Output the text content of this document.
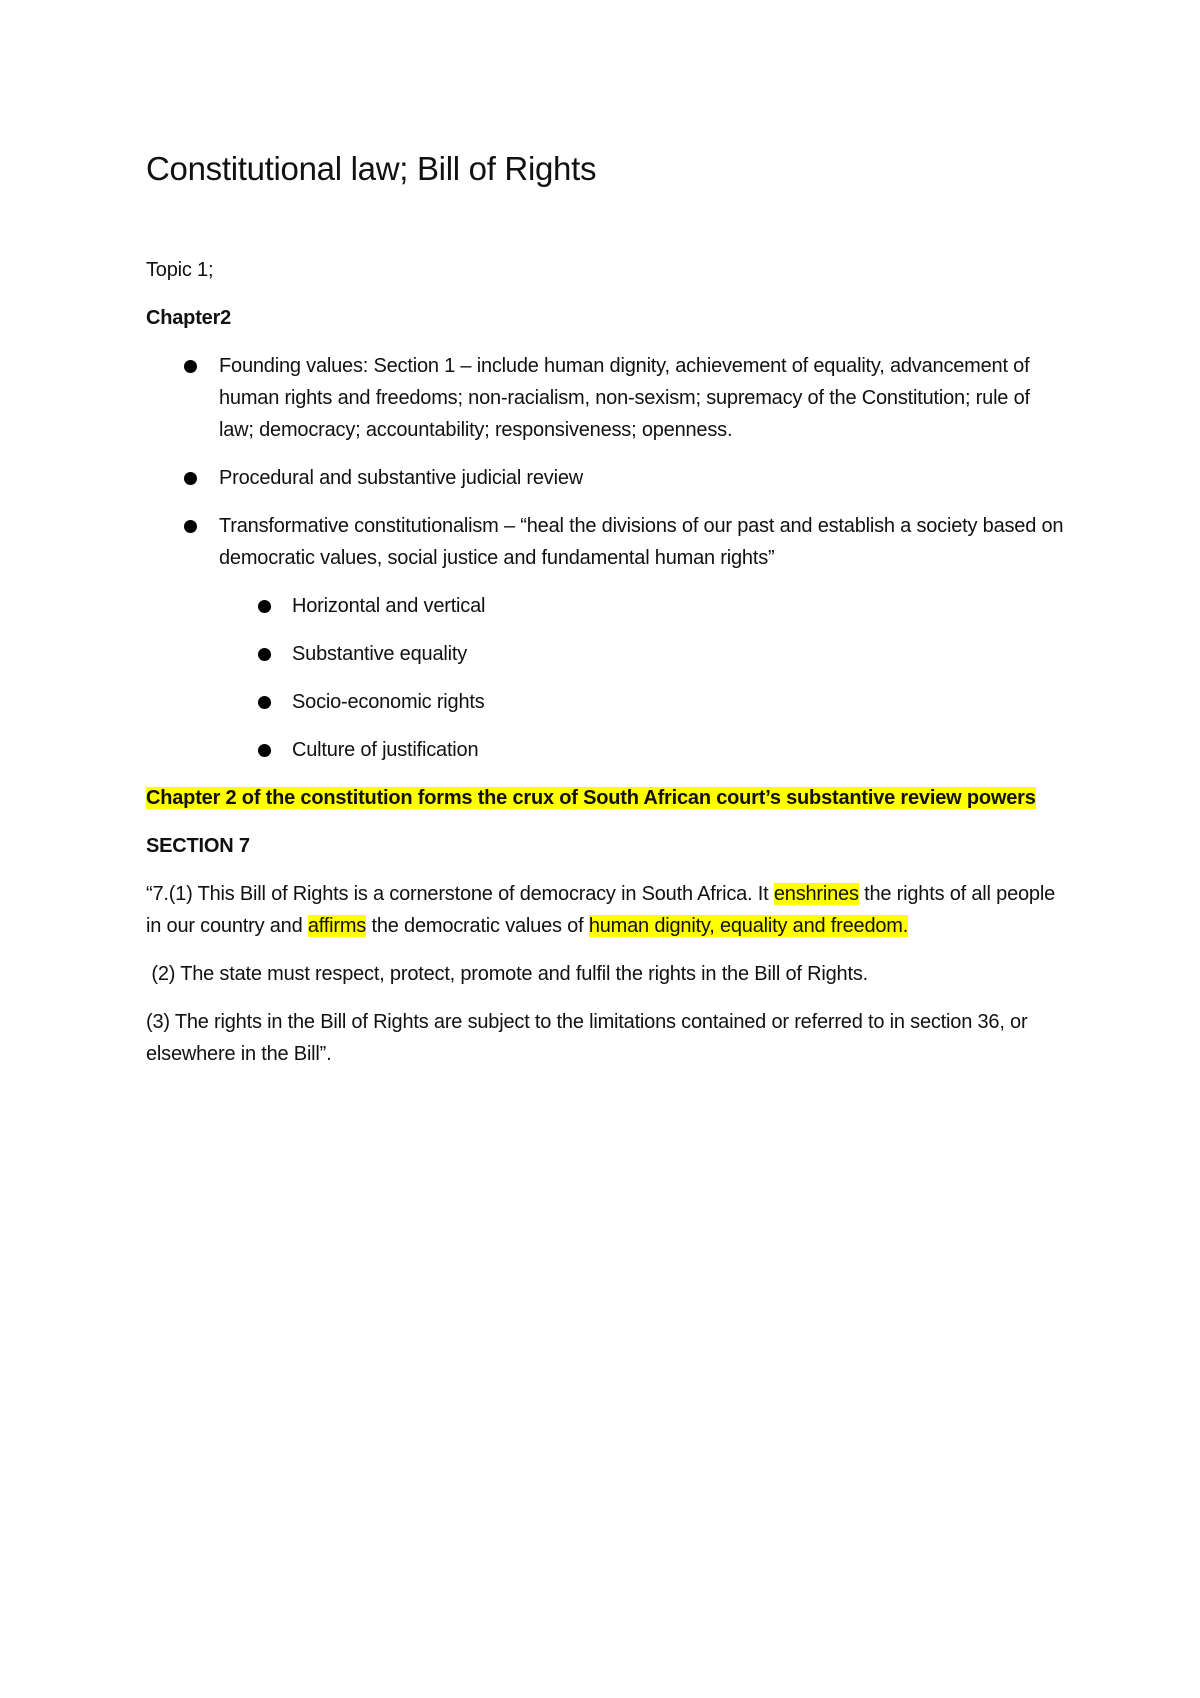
Constitutional law; Bill of Rights

Topic 1;

Chapter2

Founding values: Section 1 – include human dignity, achievement of equality, advancement of human rights and freedoms; non-racialism, non-sexism; supremacy of the Constitution; rule of law; democracy; accountability; responsiveness; openness.
Procedural and substantive judicial review
Transformative constitutionalism – “heal the divisions of our past and establish a society based on democratic values, social justice and fundamental human rights”
Horizontal and vertical
Substantive equality
Socio-economic rights
Culture of justification

Chapter 2 of the constitution forms the crux of South African court’s substantive review powers

SECTION 7

“7.(1) This Bill of Rights is a cornerstone of democracy in South Africa. It enshrines the rights of all people in our country and affirms the democratic values of human dignity, equality and freedom.

(2) The state must respect, protect, promote and fulfil the rights in the Bill of Rights.

(3) The rights in the Bill of Rights are subject to the limitations contained or referred to in section 36, or elsewhere in the Bill”.
